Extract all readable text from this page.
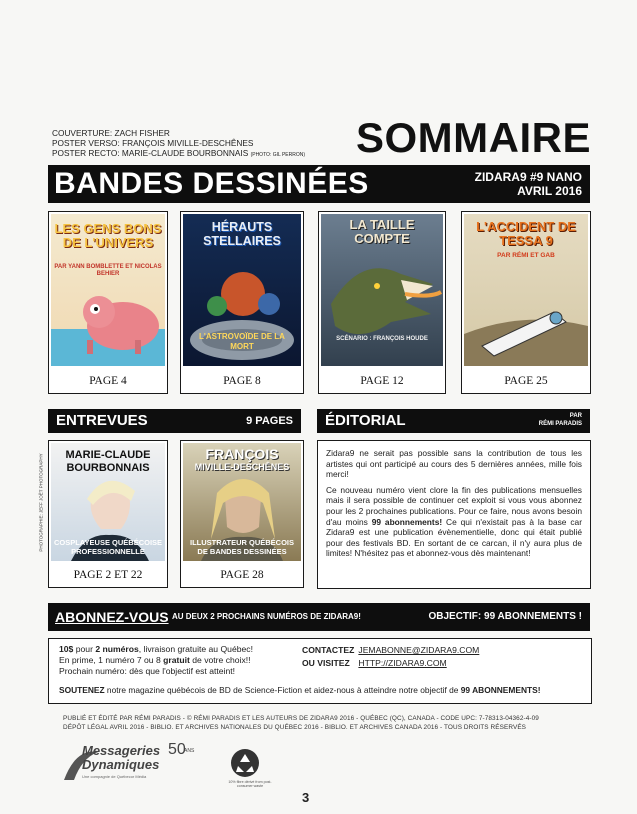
COUVERTURE: ZACH FISHER
POSTER VERSO: FRANÇOIS MIVILLE-DESCHÊNES
POSTER RECTO: MARIE-CLAUDE BOURBONNAIS (PHOTO: GIL PERRON) SOMMAIRE
BANDES DESSINÉES	ZIDARA9 #9 NANO
AVRIL 2016
LES GENS BONS DE L'UNIVERS
PAR YANN BOMBLETTE ET NICOLAS BEHIER
PAGE 4
HÉRAUTS STELLAIRES
L'ASTROVOÏDE DE LA MORT
PAGE 8
LA TAILLE COMPTE
SCÉNARIO : FRANÇOIS HOUDE
PAGE 12
L'ACCIDENT DE TESSA 9
PAR RÉMI ET GAB
PAGE 25
ENTREVUES	9 PAGES
PHOTOGRAPHIE: JEFF JOËT PHOTOGRAPHY	MARIE-CLAUDE
BOURBONNAIS
COSPLAYEUSE QUÉBÉCOISE
PROFESSIONNELLE
PAGE 2 ET 22
FRANÇOIS
MIVILLE-DESCHÊNES
ILLUSTRATEUR QUÉBÉCOIS
DE BANDES DESSINÉES
PAGE 28
ÉDITORIAL	PAR
RÉMI PARADIS

Zidara9 ne serait pas possible sans la contribution de tous les artistes qui ont participé au cours des 5 dernières années, mille fois merci!

Ce nouveau numéro vient clore la fin des publications mensuelles mais il sera possible de continuer cet exploit si vous vous abonnez pour les 2 prochaines publications. Pour ce faire, nous avons besoin d'au moins 99 abonnements! Ce qui n'existait pas à la base car Zidara9 est une publication évènementielle, donc qui était publié pour des festivals BD. En sortant de ce carcan, il n'y aura plus de limites! N'hésitez pas et abonnez-vous dès maintenant!

ABONNEZ-VOUS AU DEUX 2 PROCHAINS NUMÉROS DE ZIDARA9!	OBJECTIF: 99 ABONNEMENTS !
10$ pour 2 numéros, livraison gratuite au Québec!
En prime, 1 numéro 7 ou 8 gratuit de votre choix!!
Prochain numéro: dès que l'objectif est atteint!
CONTACTEZ JEMABONNE@ZIDARA9.COM
OU VISITEZ HTTP://ZIDARA9.COM
SOUTENEZ notre magazine québécois de BD de Science-Fiction et aidez-nous à atteindre notre objectif de 99 ABONNEMENTS!
PUBLIÉ ET ÉDITÉ PAR RÉMI PARADIS - © RÉMI PARADIS ET LES AUTEURS DE ZIDARA9 2016 - QUÉBEC (QC), CANADA - CODE UPC: 7-78313-04362-4-09
DÉPÔT LÉGAL AVRIL 2016 - BIBLIO. ET ARCHIVES NATIONALES DU QUÉBEC 2016 - BIBLIO. ET ARCHIVES CANADA 2016 - TOUS DROITS RÉSERVÉS
Messageries
Dynamiques
50
ANS
Une compagnie de Québecor Média
10% fibre dérivé from post-consumer waste
3
